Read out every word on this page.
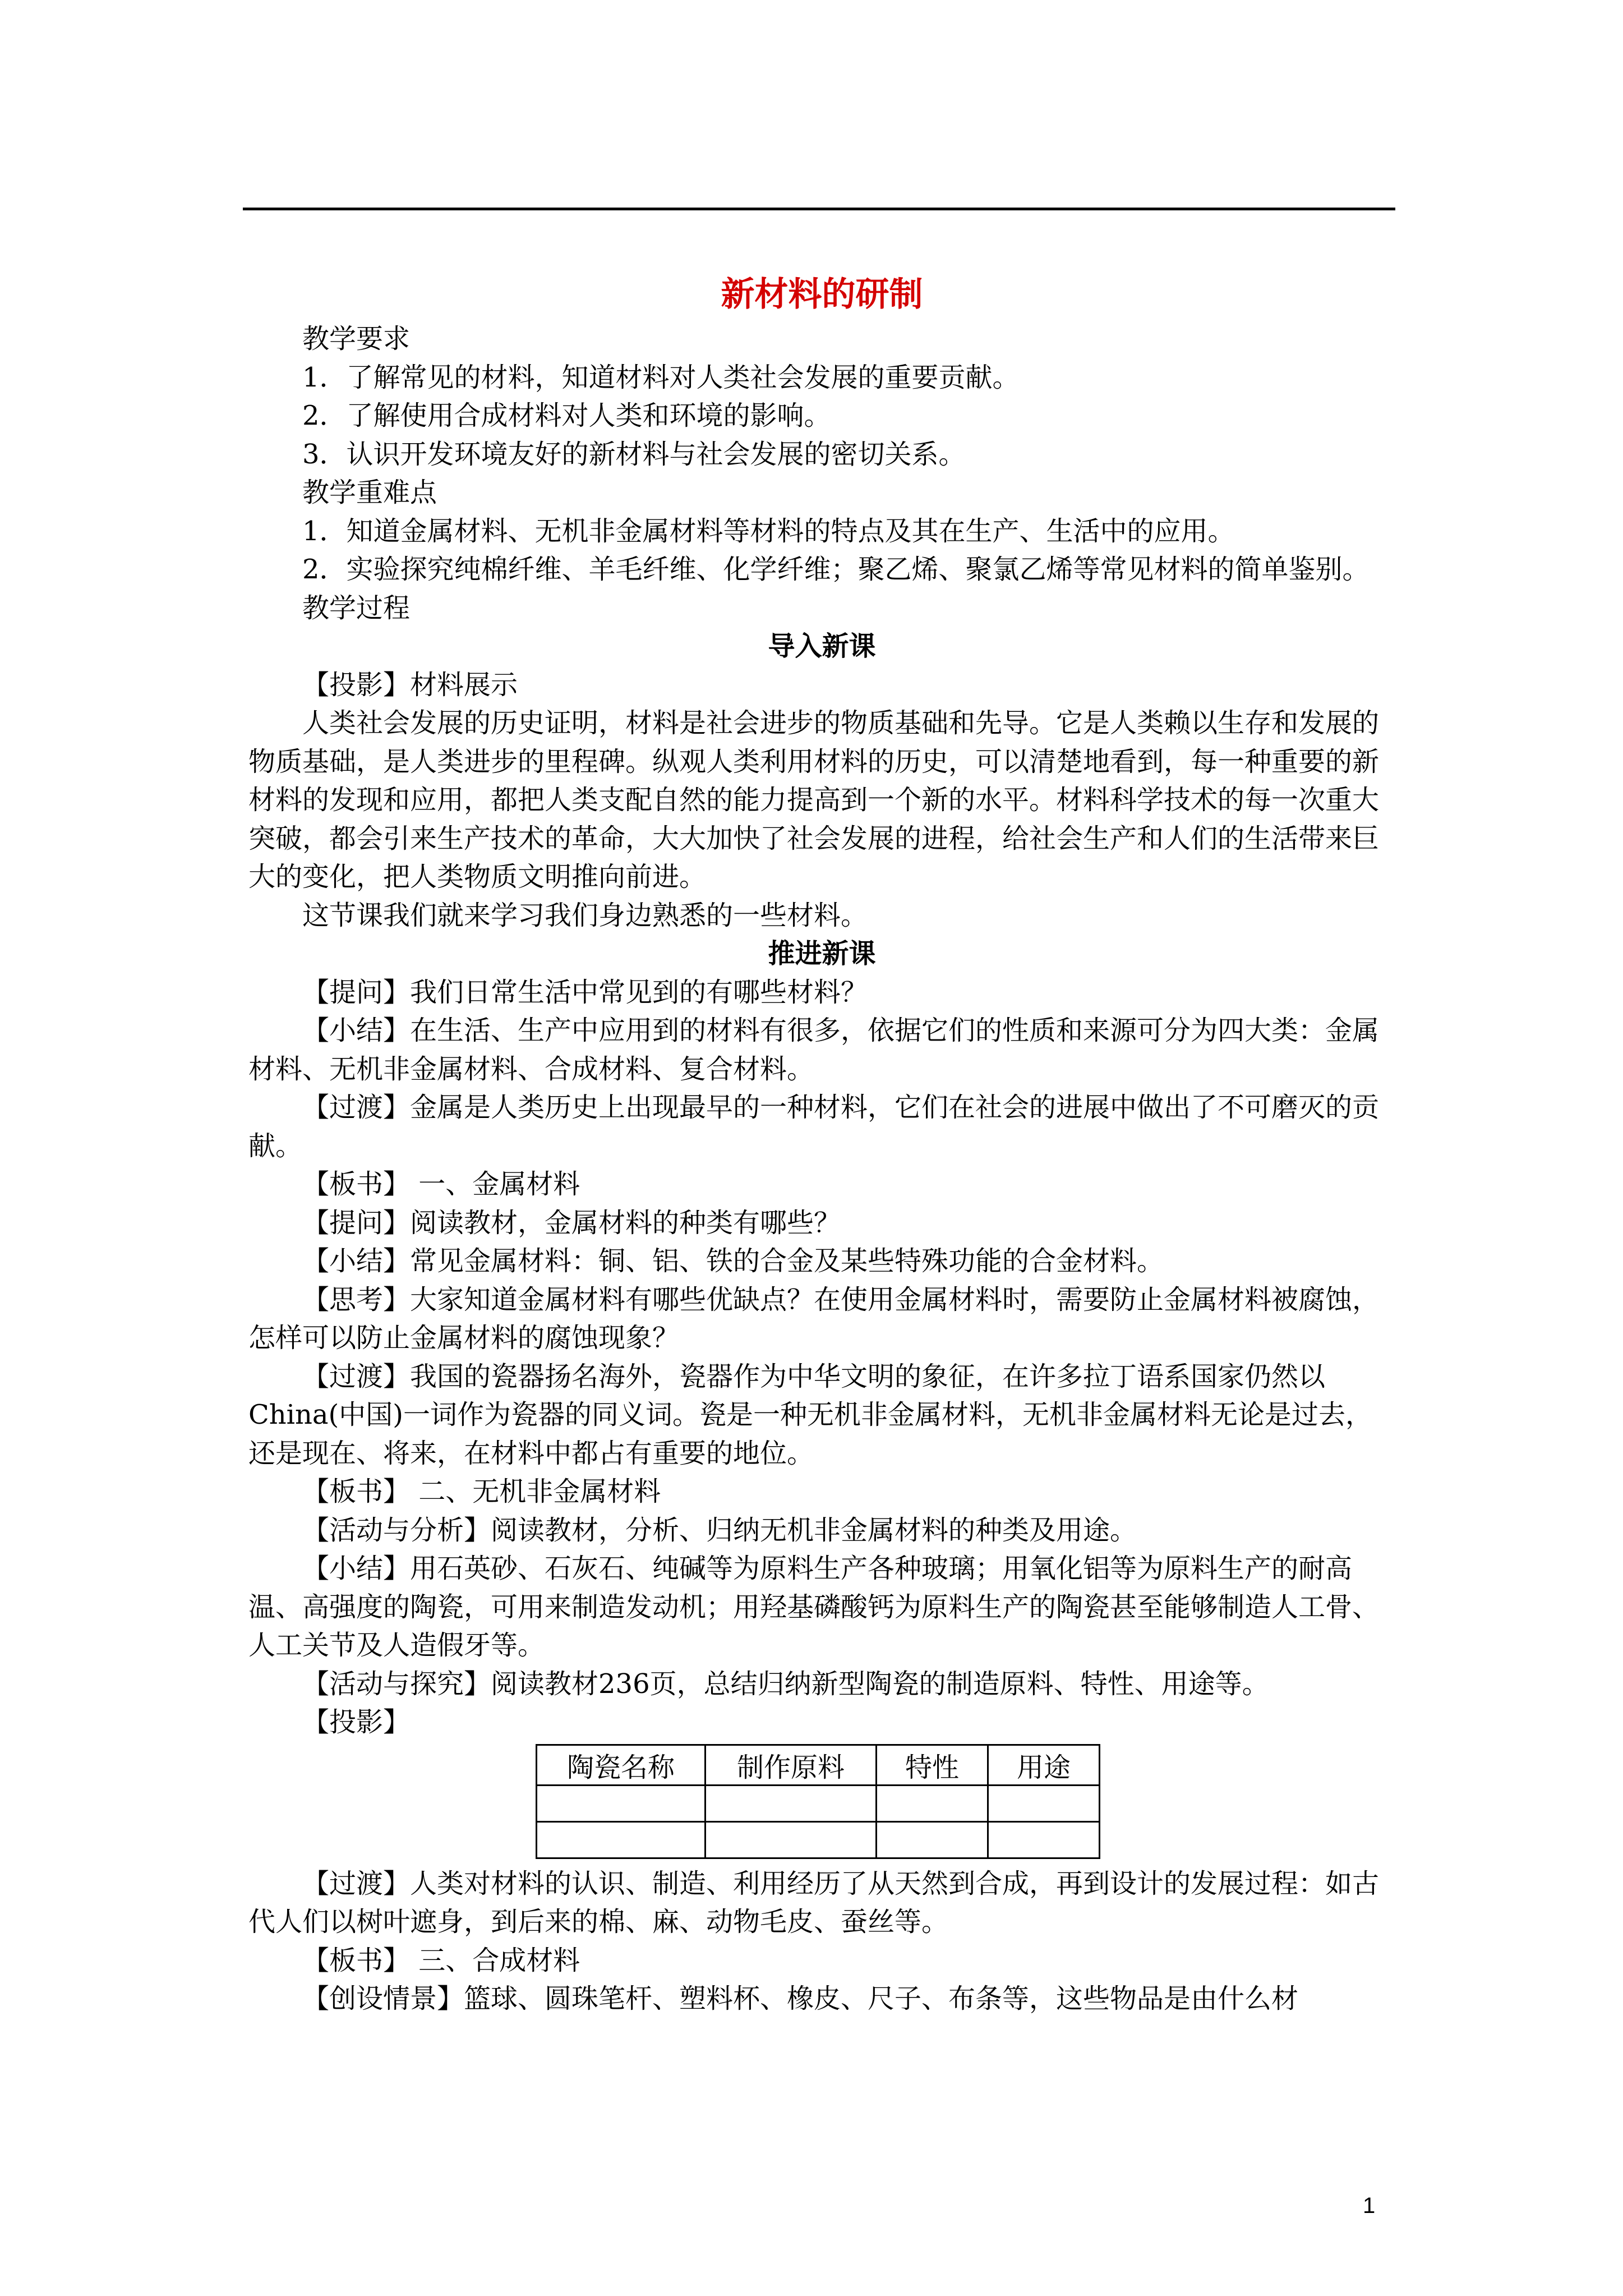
新材料的研制

教学要求

1．了解常见的材料，知道材料对人类社会发展的重要贡献。

2．了解使用合成材料对人类和环境的影响。

3．认识开发环境友好的新材料与社会发展的密切关系。

教学重难点

1．知道金属材料、无机非金属材料等材料的特点及其在生产、生活中的应用。

2．实验探究纯棉纤维、羊毛纤维、化学纤维；聚乙烯、聚氯乙烯等常见材料的简单鉴别。

教学过程

导入新课

【投影】材料展示

人类社会发展的历史证明，材料是社会进步的物质基础和先导。它是人类赖以生存和发展的物质基础，是人类进步的里程碑。纵观人类利用材料的历史，可以清楚地看到，每一种重要的新材料的发现和应用，都把人类支配自然的能力提高到一个新的水平。材料科学技术的每一次重大突破，都会引来生产技术的革命，大大加快了社会发展的进程，给社会生产和人们的生活带来巨大的变化，把人类物质文明推向前进。

这节课我们就来学习我们身边熟悉的一些材料。

推进新课

【提问】我们日常生活中常见到的有哪些材料？

【小结】在生活、生产中应用到的材料有很多，依据它们的性质和来源可分为四大类：金属材料、无机非金属材料、合成材料、复合材料。

【过渡】金属是人类历史上出现最早的一种材料，它们在社会的进展中做出了不可磨灭的贡献。

【板书】 一、金属材料

【提问】阅读教材，金属材料的种类有哪些？

【小结】常见金属材料：铜、铝、铁的合金及某些特殊功能的合金材料。

【思考】大家知道金属材料有哪些优缺点？在使用金属材料时，需要防止金属材料被腐蚀，怎样可以防止金属材料的腐蚀现象？

【过渡】我国的瓷器扬名海外，瓷器作为中华文明的象征，在许多拉丁语系国家仍然以China(中国)一词作为瓷器的同义词。瓷是一种无机非金属材料，无机非金属材料无论是过去，还是现在、将来，在材料中都占有重要的地位。

【板书】 二、无机非金属材料

【活动与分析】阅读教材，分析、归纳无机非金属材料的种类及用途。

【小结】用石英砂、石灰石、纯碱等为原料生产各种玻璃；用氧化铝等为原料生产的耐高温、高强度的陶瓷，可用来制造发动机；用羟基磷酸钙为原料生产的陶瓷甚至能够制造人工骨、人工关节及人造假牙等。

【活动与探究】阅读教材236页，总结归纳新型陶瓷的制造原料、特性、用途等。

【投影】

陶瓷名称	制作原料	特性	用途

【过渡】人类对材料的认识、制造、利用经历了从天然到合成，再到设计的发展过程：如古代人们以树叶遮身，到后来的棉、麻、动物毛皮、蚕丝等。

【板书】 三、合成材料

【创设情景】篮球、圆珠笔杆、塑料杯、橡皮、尺子、布条等，这些物品是由什么材

1
